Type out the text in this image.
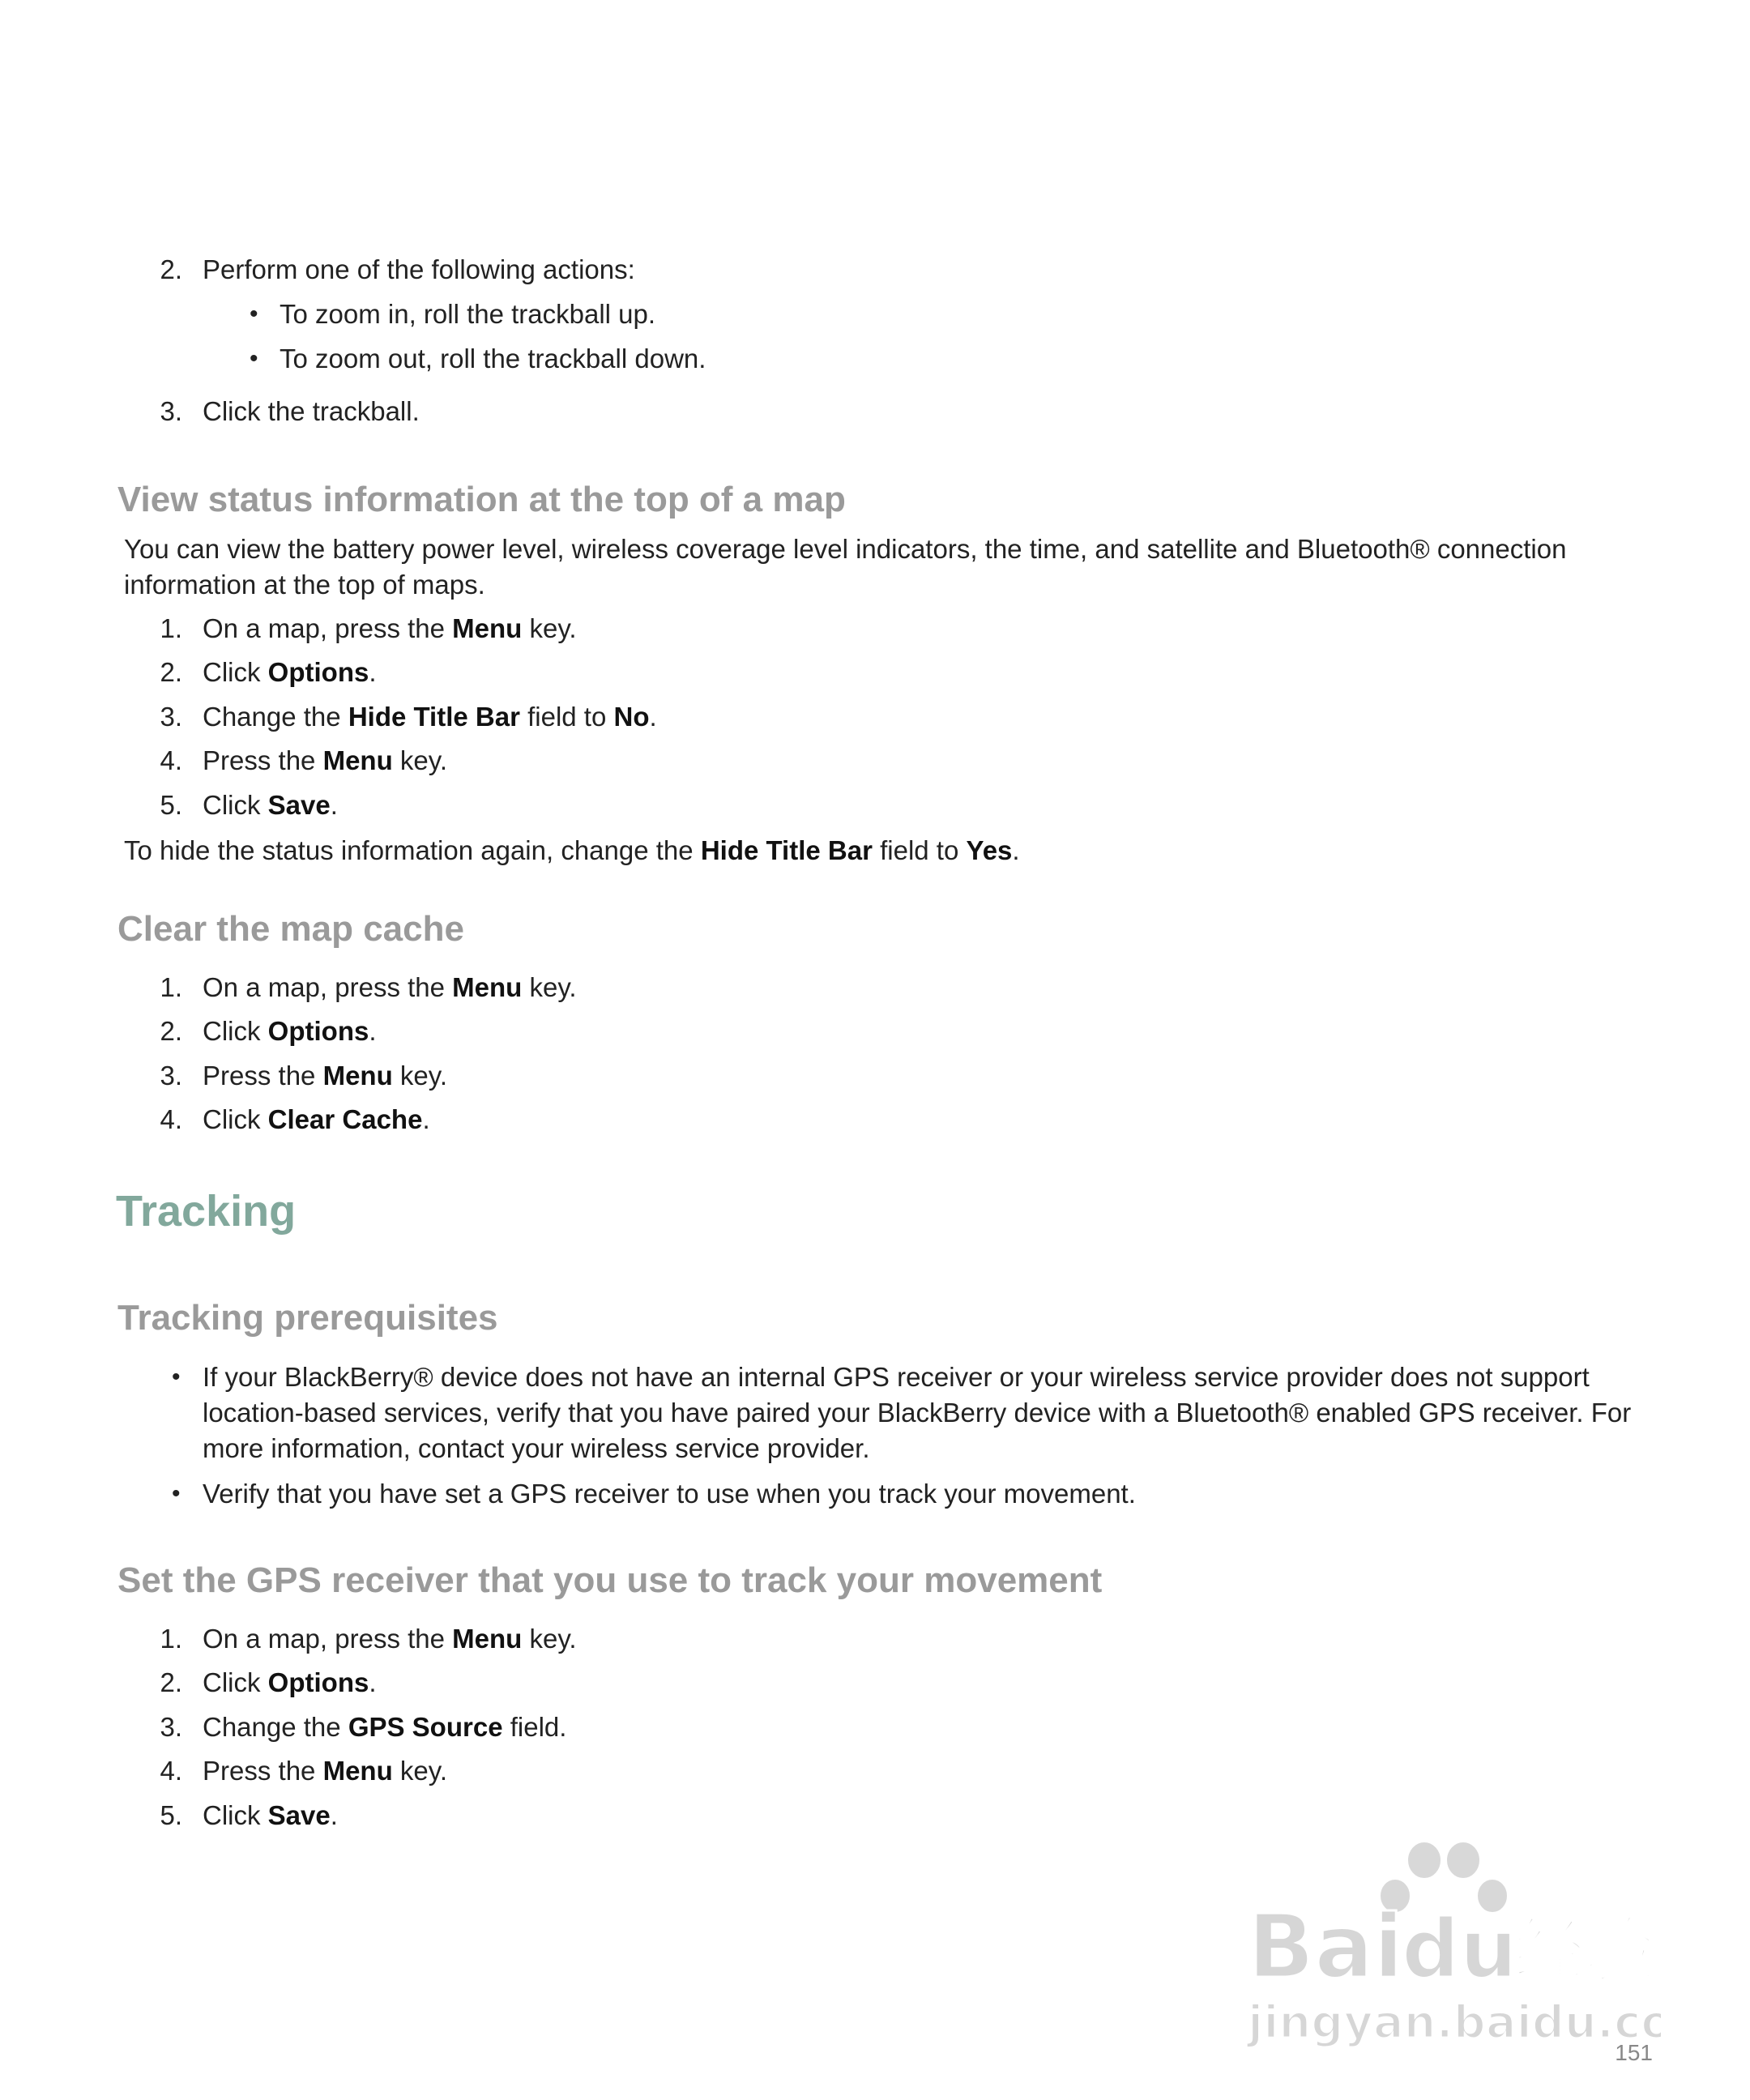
2. Perform one of the following actions:
• To zoom in, roll the trackball up.
• To zoom out, roll the trackball down.
3. Click the trackball.
View status information at the top of a map
You can view the battery power level, wireless coverage level indicators, the time, and satellite and Bluetooth® connection information at the top of maps.
1. On a map, press the Menu key.
2. Click Options.
3. Change the Hide Title Bar field to No.
4. Press the Menu key.
5. Click Save.
To hide the status information again, change the Hide Title Bar field to Yes.
Clear the map cache
1. On a map, press the Menu key.
2. Click Options.
3. Press the Menu key.
4. Click Clear Cache.
Tracking
Tracking prerequisites
• If your BlackBerry® device does not have an internal GPS receiver or your wireless service provider does not support location-based services, verify that you have paired your BlackBerry device with a Bluetooth® enabled GPS receiver. For more information, contact your wireless service provider.
• Verify that you have set a GPS receiver to use when you track your movement.
Set the GPS receiver that you use to track your movement
1. On a map, press the Menu key.
2. Click Options.
3. Change the GPS Source field.
4. Press the Menu key.
5. Click Save.
Bai
du
经验
jingyan.baidu.co
151
